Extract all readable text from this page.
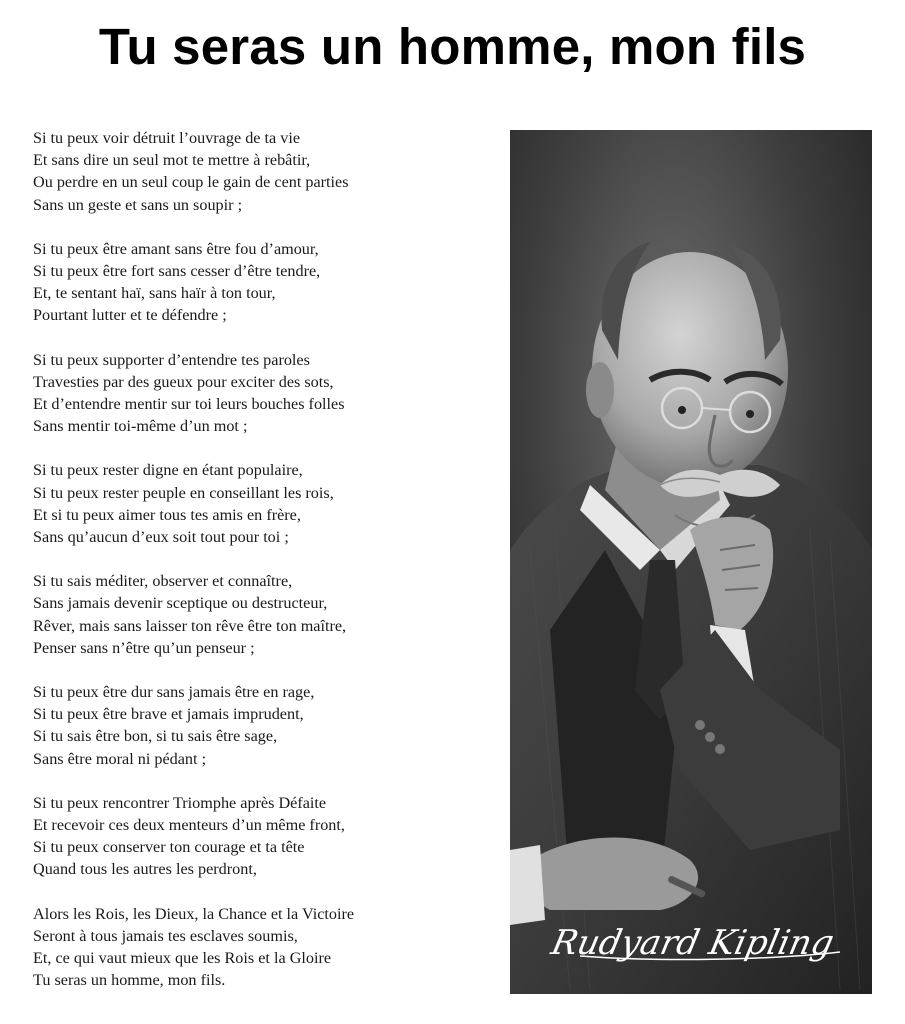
Tu seras un homme, mon fils
Si tu peux voir détruit l’ouvrage de ta vie
Et sans dire un seul mot te mettre à rebâtir,
Ou perdre en un seul coup le gain de cent parties
Sans un geste et sans un soupir ;
Si tu peux être amant sans être fou d’amour,
Si tu peux être fort sans cesser d’être tendre,
Et, te sentant haï, sans haïr à ton tour,
Pourtant lutter et te défendre ;
Si tu peux supporter d’entendre tes paroles
Travesties par des gueux pour exciter des sots,
Et d’entendre mentir sur toi leurs bouches folles
Sans mentir toi-même d’un mot ;
Si tu peux rester digne en étant populaire,
Si tu peux rester peuple en conseillant les rois,
Et si tu peux aimer tous tes amis en frère,
Sans qu’aucun d’eux soit tout pour toi ;
Si tu sais méditer, observer et connaître,
Sans jamais devenir sceptique ou destructeur,
Rêver, mais sans laisser ton rêve être ton maître,
Penser sans n’être qu’un penseur ;
Si tu peux être dur sans jamais être en rage,
Si tu peux être brave et jamais imprudent,
Si tu sais être bon, si tu sais être sage,
Sans être moral ni pédant ;
Si tu peux rencontrer Triomphe après Défaite
Et recevoir ces deux menteurs d’un même front,
Si tu peux conserver ton courage et ta tête
Quand tous les autres les perdront,
Alors les Rois, les Dieux, la Chance et la Victoire
Seront à tous jamais tes esclaves soumis,
Et, ce qui vaut mieux que les Rois et la Gloire
Tu seras un homme, mon fils.
Rudyard Kipling
